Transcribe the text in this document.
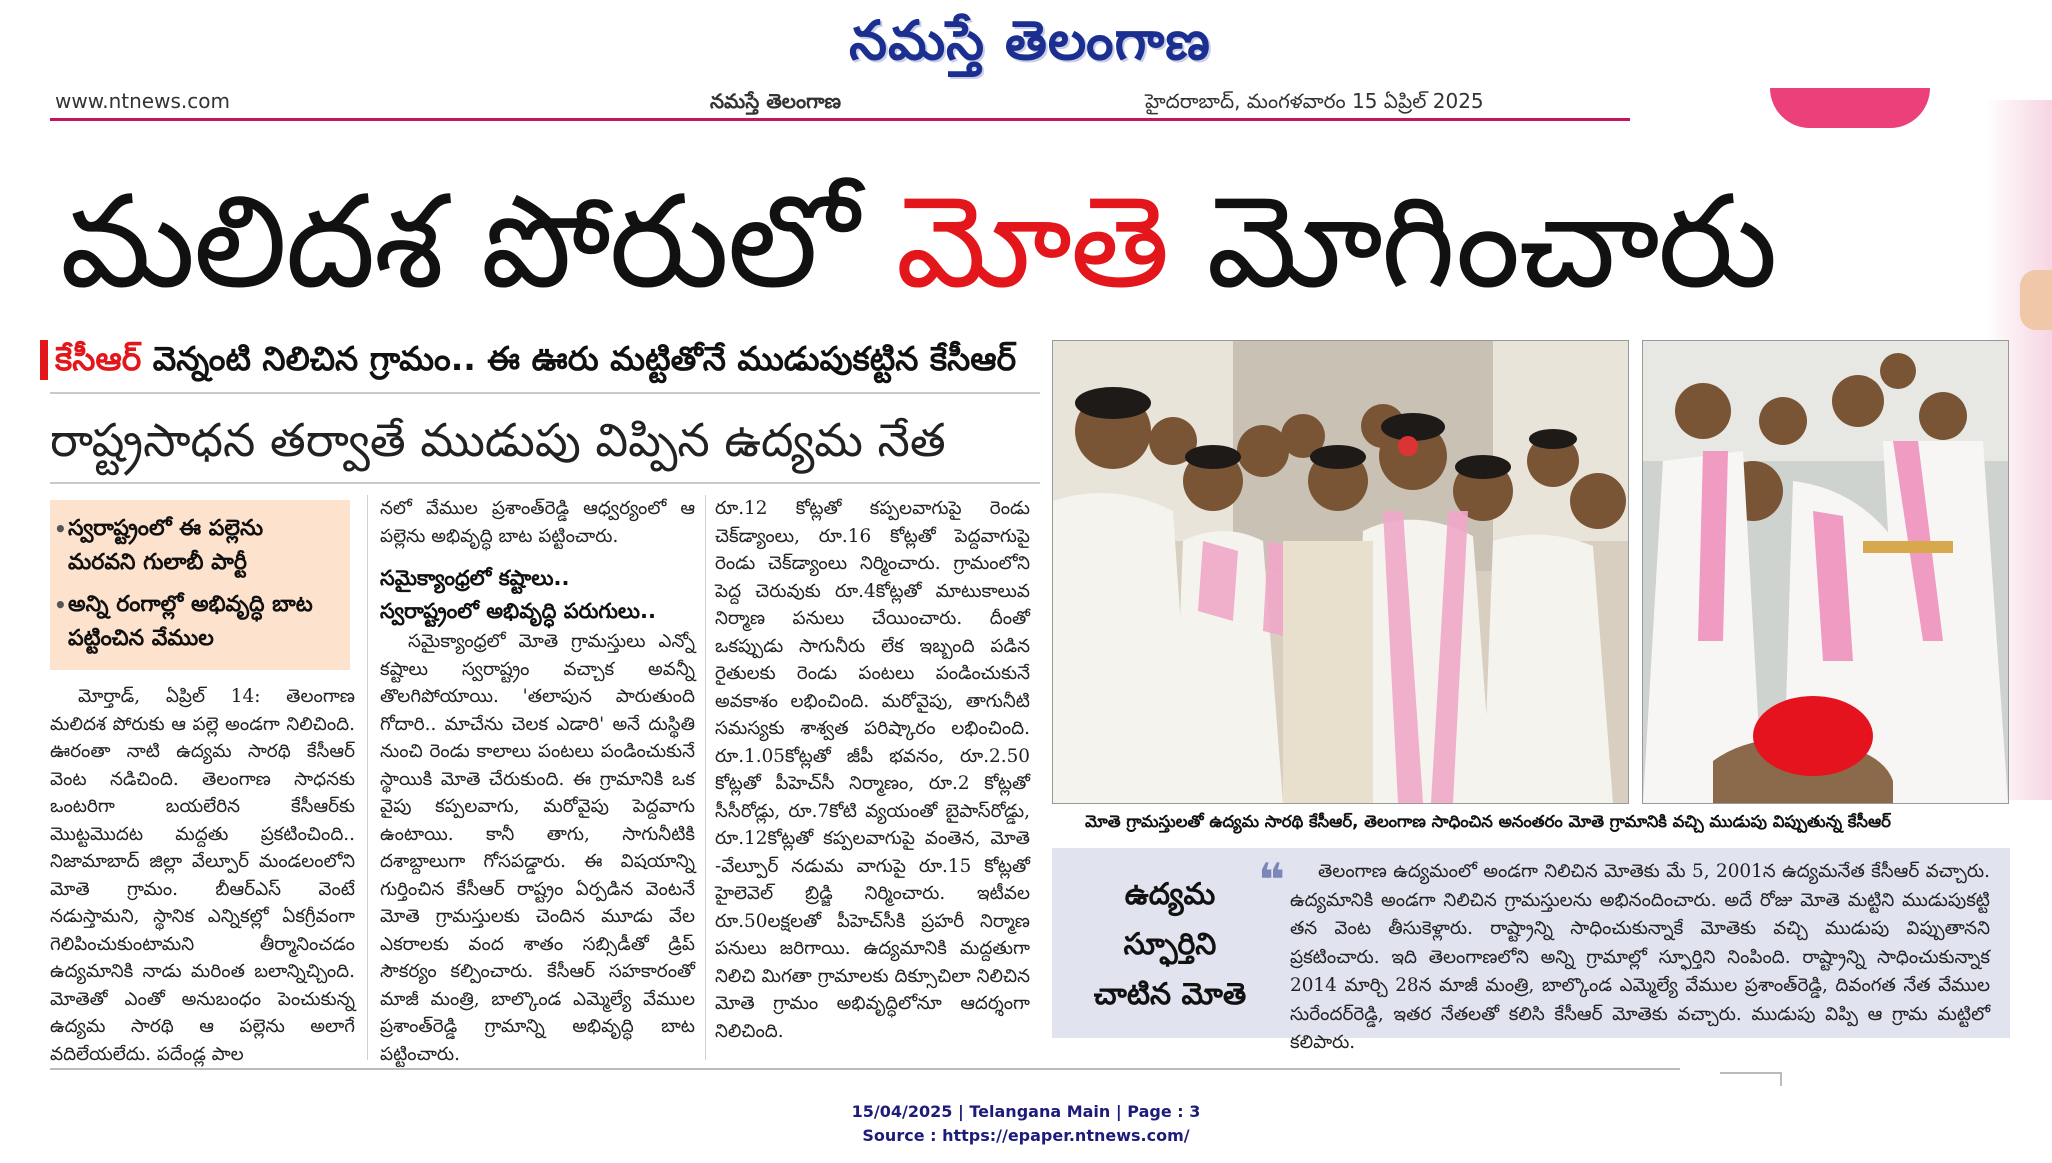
నమస్తే తెలంగాణ
www.ntnews.com	నమస్తే తెలంగాణ	హైదరాబాద్, మంగళవారం 15 ఏప్రిల్ 2025
మలిదశ పోరులో మోతె మోగించారు
కేసీఆర్ వెన్నంటి నిలిచిన గ్రామం.. ఈ ఊరు మట్టితోనే ముడుపుకట్టిన కేసీఆర్
రాష్ట్రసాధన తర్వాతే ముడుపు విప్పిన ఉద్యమ నేత
• స్వరాష్ట్రంలో ఈ పల్లెను మరవని గులాబీ పార్టీ
• అన్ని రంగాల్లో అభివృద్ధి బాట పట్టించిన వేముల

మోర్తాడ్, ఏప్రిల్ 14: తెలంగాణ మలిదశ పోరుకు ఆ పల్లె అండగా నిలిచింది. ఊరంతా నాటి ఉద్యమ సారథి కేసీఆర్ వెంట నడిచింది. తెలంగాణ సాధనకు ఒంటరిగా బయలేరిన కేసీఆర్‌కు మొట్టమొదట మద్దతు ప్రకటించింది.. నిజామాబాద్ జిల్లా వేల్పూర్ మండలంలోని మోతె గ్రామం. బీఆర్‌ఎస్ వెంటే నడుస్తామని, స్థానిక ఎన్నికల్లో ఏకగ్రీవంగా గెలిపించుకుంటామని తీర్మానించడం ఉద్యమానికి నాడు మరింత బలాన్నిచ్చింది. మోతెతో ఎంతో అనుబంధం పెంచుకున్న ఉద్యమ సారథి ఆ పల్లెను అలాగే వదిలేయలేదు. పదేండ్ల పాల

నలో వేముల ప్రశాంత్‌రెడ్డి ఆధ్వర్యంలో ఆ పల్లెను అభివృద్ధి బాట పట్టించారు.

సమైక్యాంధ్రలో కష్టాలు..
స్వరాష్ట్రంలో అభివృద్ధి పరుగులు..

సమైక్యాంధ్రలో మోతె గ్రామస్తులు ఎన్నో కష్టాలు స్వరాష్ట్రం వచ్చాక అవన్నీ తొలగిపోయాయి. 'తలాపున పారుతుంది గోదారి.. మాచేను చెలక ఎడారి' అనే దుస్థితి నుంచి రెండు కాలాలు పంటలు పండించుకునే స్థాయికి మోతె చేరుకుంది. ఈ గ్రామానికి ఒక వైపు కప్పలవాగు, మరోవైపు పెద్దవాగు ఉంటాయి. కానీ తాగు, సాగునీటికి దశాబ్దాలుగా గోసపడ్డారు. ఈ విషయాన్ని గుర్తించిన కేసీఆర్ రాష్ట్రం ఏర్పడిన వెంటనే మోతె గ్రామస్తులకు చెందిన మూడు వేల ఎకరాలకు వంద శాతం సబ్సిడీతో డ్రిప్ సౌకర్యం కల్పించారు. కేసీఆర్ సహకారంతో మాజీ మంత్రి, బాల్కొండ ఎమ్మెల్యే వేముల ప్రశాంత్‌రెడ్డి గ్రామాన్ని అభివృద్ధి బాట పట్టించారు.

రూ.12 కోట్లతో కప్పలవాగుపై రెండు చెక్‌డ్యాంలు, రూ.16 కోట్లతో పెద్దవాగుపై రెండు చెక్‌డ్యాంలు నిర్మించారు. గ్రామంలోని పెద్ద చెరువుకు రూ.4కోట్లతో మాటుకాలువ నిర్మాణ పనులు చేయించారు. దీంతో ఒకప్పుడు సాగునీరు లేక ఇబ్బంది పడిన రైతులకు రెండు పంటలు పండించుకునే అవకాశం లభించింది. మరోవైపు, తాగునీటి సమస్యకు శాశ్వత పరిష్కారం లభించింది. రూ.1.05కోట్లతో జీపీ భవనం, రూ.2.50 కోట్లతో పీహెచ్‌సీ నిర్మాణం, రూ.2 కోట్లతో సీసీరోడ్లు, రూ.7కోటి వ్యయంతో బైపాస్‌రోడ్డు, రూ.12కోట్లతో కప్పలవాగుపై వంతెన, మోతె -వేల్పూర్ నడుమ వాగుపై రూ.15 కోట్లతో హైలెవెల్ బ్రిడ్జి నిర్మించారు. ఇటీవల రూ.50లక్షలతో పీహెచ్‌సీకి ప్రహరీ నిర్మాణ పనులు జరిగాయి. ఉద్యమానికి మద్దతుగా నిలిచి మిగతా గ్రామాలకు దిక్సూచిలా నిలిచిన మోతె గ్రామం అభివృద్ధిలోనూ ఆదర్శంగా నిలిచింది.

మోతె గ్రామస్తులతో ఉద్యమ సారథి కేసీఆర్, తెలంగాణ సాధించిన అనంతరం మోతె గ్రామానికి వచ్చి ముడుపు విప్పుతున్న కేసీఆర్
ఉద్యమ
స్ఫూర్తిని
చాటిన మోతె
❝	తెలంగాణ ఉద్యమంలో అండగా నిలిచిన మోతెకు మే 5, 2001న ఉద్యమనేత కేసీఆర్ వచ్చారు. ఉద్యమానికి అండగా నిలిచిన గ్రామస్తులను అభినందించారు. అదే రోజు మోతె మట్టిని ముడుపుకట్టి తన వెంట తీసుకెళ్లారు. రాష్ట్రాన్ని సాధించుకున్నాకే మోతెకు వచ్చి ముడుపు విప్పుతానని ప్రకటించారు. ఇది తెలంగాణలోని అన్ని గ్రామాల్లో స్ఫూర్తిని నింపింది. రాష్ట్రాన్ని సాధించుకున్నాక 2014 మార్చి 28న మాజీ మంత్రి, బాల్కొండ ఎమ్మెల్యే వేముల ప్రశాంత్‌రెడ్డి, దివంగత నేత వేముల సురేందర్‌రెడ్డి, ఇతర నేతలతో కలిసి కేసీఆర్ మోతెకు వచ్చారు. ముడుపు విప్పి ఆ గ్రామ మట్టిలో కలిపారు.

15/04/2025 | Telangana Main | Page : 3
Source : https://epaper.ntnews.com/
